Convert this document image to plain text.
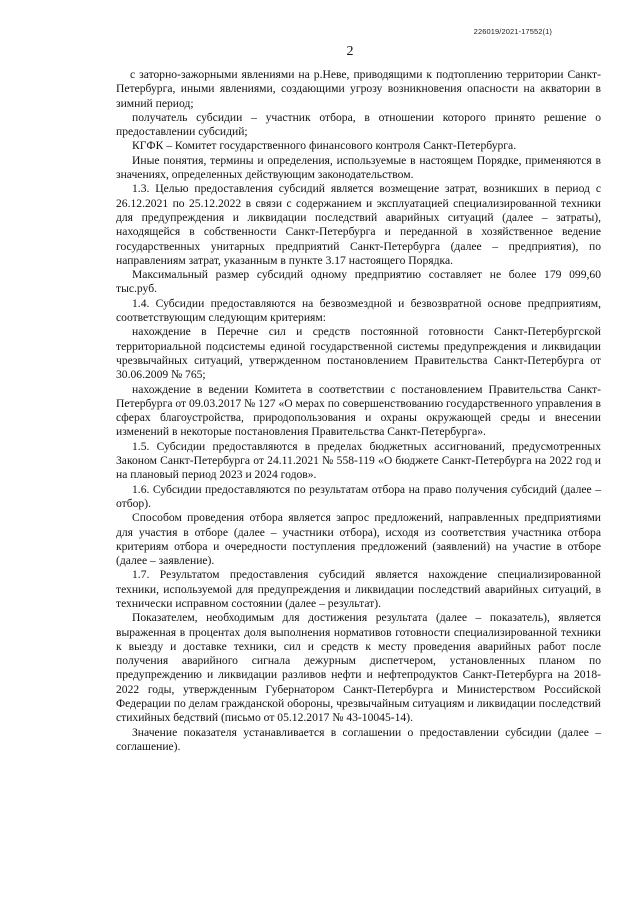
226019/2021-17552(1)
2

с заторно-зажорными явлениями на р.Неве, приводящими к подтоплению территории Санкт-Петербурга, иными явлениями, создающими угрозу возникновения опасности на акватории в зимний период;

получатель субсидии – участник отбора, в отношении которого принято решение о предоставлении субсидий;

КГФК – Комитет государственного финансового контроля Санкт-Петербурга.

Иные понятия, термины и определения, используемые в настоящем Порядке, применяются в значениях, определенных действующим законодательством.

1.3. Целью предоставления субсидий является возмещение затрат, возникших в период с 26.12.2021 по 25.12.2022 в связи с содержанием и эксплуатацией специализированной техники для предупреждения и ликвидации последствий аварийных ситуаций (далее – затраты), находящейся в собственности Санкт-Петербурга и переданной в хозяйственное ведение государственных унитарных предприятий Санкт-Петербурга (далее – предприятия), по направлениям затрат, указанным в пункте 3.17 настоящего Порядка.

Максимальный размер субсидий одному предприятию составляет не более 179 099,60 тыс.руб.

1.4. Субсидии предоставляются на безвозмездной и безвозвратной основе предприятиям, соответствующим следующим критериям:

нахождение в Перечне сил и средств постоянной готовности Санкт-Петербургской территориальной подсистемы единой государственной системы предупреждения и ликвидации чрезвычайных ситуаций, утвержденном постановлением Правительства Санкт-Петербурга от 30.06.2009 № 765;

нахождение в ведении Комитета в соответствии с постановлением Правительства Санкт-Петербурга от 09.03.2017 № 127 «О мерах по совершенствованию государственного управления в сферах благоустройства, природопользования и охраны окружающей среды и внесении изменений в некоторые постановления Правительства Санкт-Петербурга».

1.5. Субсидии предоставляются в пределах бюджетных ассигнований, предусмотренных Законом Санкт-Петербурга от 24.11.2021 № 558-119 «О бюджете Санкт-Петербурга на 2022 год и на плановый период 2023 и 2024 годов».

1.6. Субсидии предоставляются по результатам отбора на право получения субсидий (далее – отбор).

Способом проведения отбора является запрос предложений, направленных предприятиями для участия в отборе (далее – участники отбора), исходя из соответствия участника отбора критериям отбора и очередности поступления предложений (заявлений) на участие в отборе (далее – заявление).

1.7. Результатом предоставления субсидий является нахождение специализированной техники, используемой для предупреждения и ликвидации последствий аварийных ситуаций, в технически исправном состоянии (далее – результат).

Показателем, необходимым для достижения результата (далее – показатель), является выраженная в процентах доля выполнения нормативов готовности специализированной техники к выезду и доставке техники, сил и средств к месту проведения аварийных работ после получения аварийного сигнала дежурным диспетчером, установленных планом по предупреждению и ликвидации разливов нефти и нефтепродуктов Санкт-Петербурга на 2018-2022 годы, утвержденным Губернатором Санкт-Петербурга и Министерством Российской Федерации по делам гражданской обороны, чрезвычайным ситуациям и ликвидации последствий стихийных бедствий (письмо от 05.12.2017 № 43-10045-14).

Значение показателя устанавливается в соглашении о предоставлении субсидии (далее – соглашение).
